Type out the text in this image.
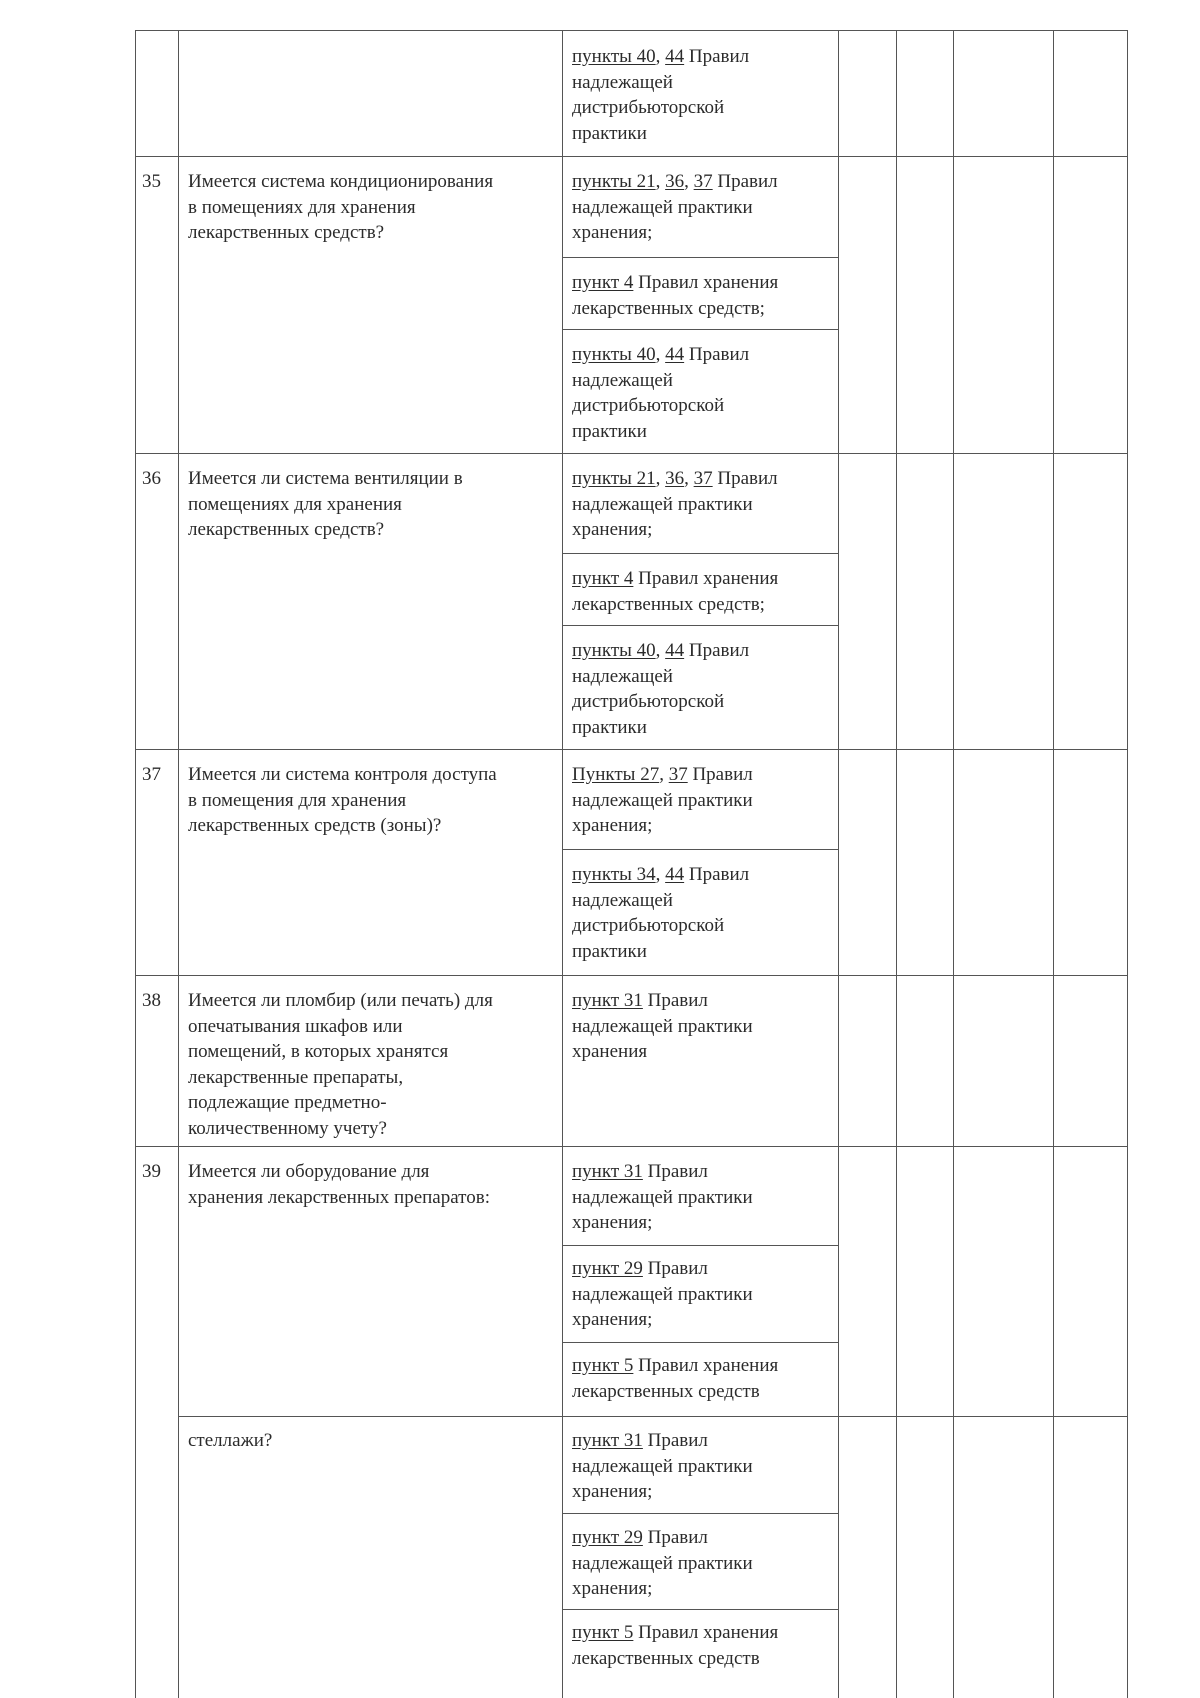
пункты 40, 44 Правил
надлежащей
дистрибьюторской
практики
35 Имеется система кондиционирования
в помещениях для хранения
лекарственных средств?
пункты 21, 36, 37 Правил
надлежащей практики
хранения;
пункт 4 Правил хранения
лекарственных средств;
пункты 40, 44 Правил
надлежащей
дистрибьюторской
практики
36 Имеется ли система вентиляции в
помещениях для хранения
лекарственных средств?
пункты 21, 36, 37 Правил
надлежащей практики
хранения;
пункт 4 Правил хранения
лекарственных средств;
пункты 40, 44 Правил
надлежащей
дистрибьюторской
практики
37 Имеется ли система контроля доступа
в помещения для хранения
лекарственных средств (зоны)?
Пункты 27, 37 Правил
надлежащей практики
хранения;
пункты 34, 44 Правил
надлежащей
дистрибьюторской
практики
38 Имеется ли пломбир (или печать) для
опечатывания шкафов или
помещений, в которых хранятся
лекарственные препараты,
подлежащие предметно-
количественному учету?
пункт 31 Правил
надлежащей практики
хранения
39 Имеется ли оборудование для
хранения лекарственных препаратов:
пункт 31 Правил
надлежащей практики
хранения;
пункт 29 Правил
надлежащей практики
хранения;
пункт 5 Правил хранения
лекарственных средств
стеллажи?	пункт 31 Правил
надлежащей практики
хранения;
пункт 29 Правил
надлежащей практики
хранения;
пункт 5 Правил хранения
лекарственных средств
